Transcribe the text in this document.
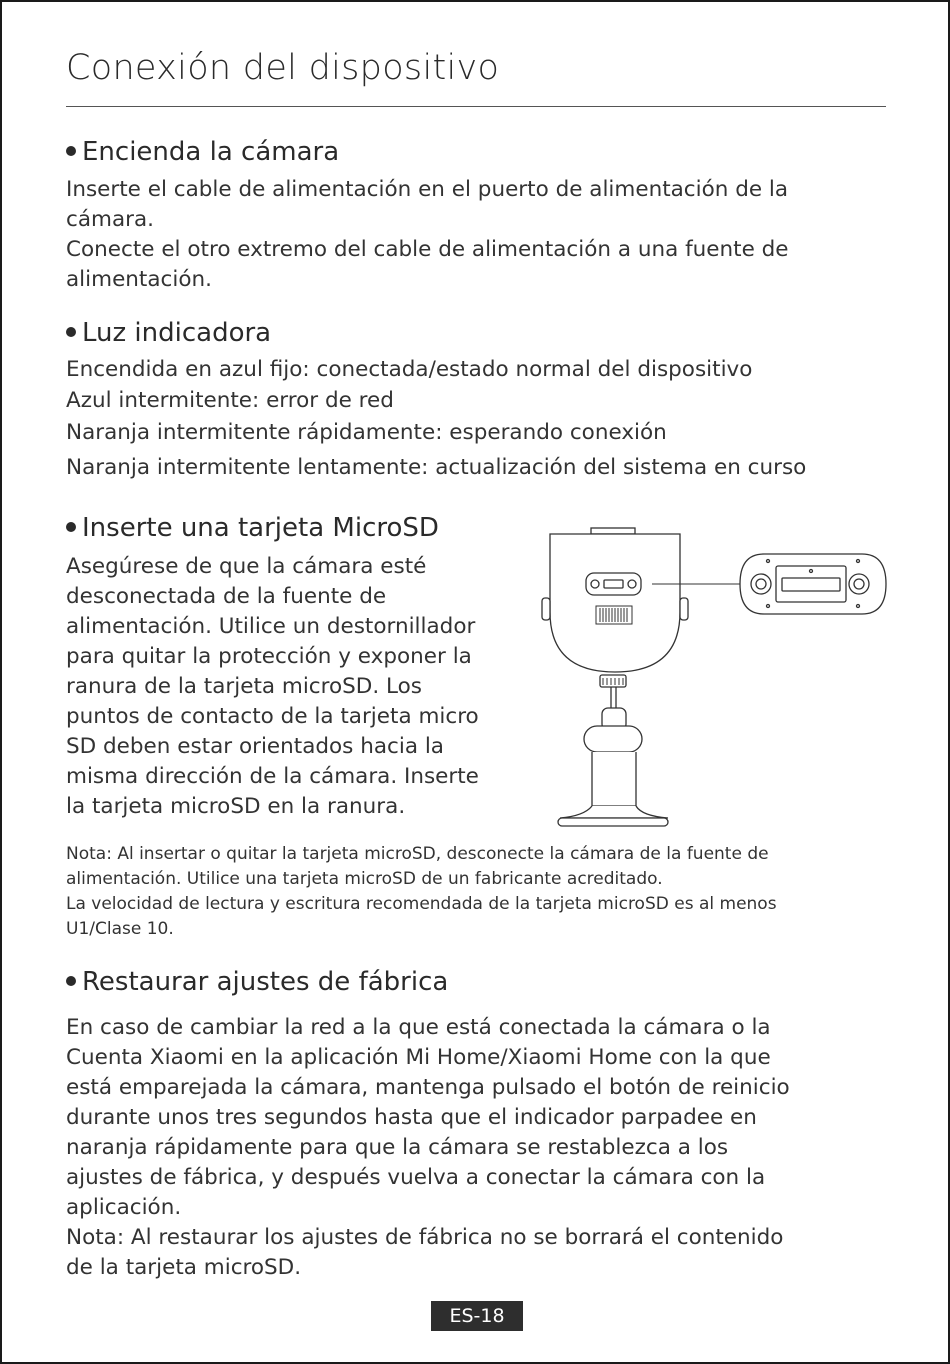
Conexión del dispositivo
Encienda la cámara
Inserte el cable de alimentación en el puerto de alimentación de la
cámara.
Conecte el otro extremo del cable de alimentación a una fuente de
alimentación.
Luz indicadora
Encendida en azul fijo: conectada/estado normal del dispositivo
Azul intermitente: error de red
Naranja intermitente rápidamente: esperando conexión
Naranja intermitente lentamente: actualización del sistema en curso
Inserte una tarjeta MicroSD
Asegúrese de que la cámara esté
desconectada de la fuente de
alimentación. Utilice un destornillador
para quitar la protección y exponer la
ranura de la tarjeta microSD. Los
puntos de contacto de la tarjeta micro
SD deben estar orientados hacia la
misma dirección de la cámara. Inserte
la tarjeta microSD en la ranura.
Nota: Al insertar o quitar la tarjeta microSD, desconecte la cámara de la fuente de
alimentación. Utilice una tarjeta microSD de un fabricante acreditado.
La velocidad de lectura y escritura recomendada de la tarjeta microSD es al menos
U1/Clase 10.
Restaurar ajustes de fábrica
En caso de cambiar la red a la que está conectada la cámara o la
Cuenta Xiaomi en la aplicación Mi Home/Xiaomi Home con la que
está emparejada la cámara, mantenga pulsado el botón de reinicio
durante unos tres segundos hasta que el indicador parpadee en
naranja rápidamente para que la cámara se restablezca a los
ajustes de fábrica, y después vuelva a conectar la cámara con la
aplicación.
Nota: Al restaurar los ajustes de fábrica no se borrará el contenido
de la tarjeta microSD.
ES-18
